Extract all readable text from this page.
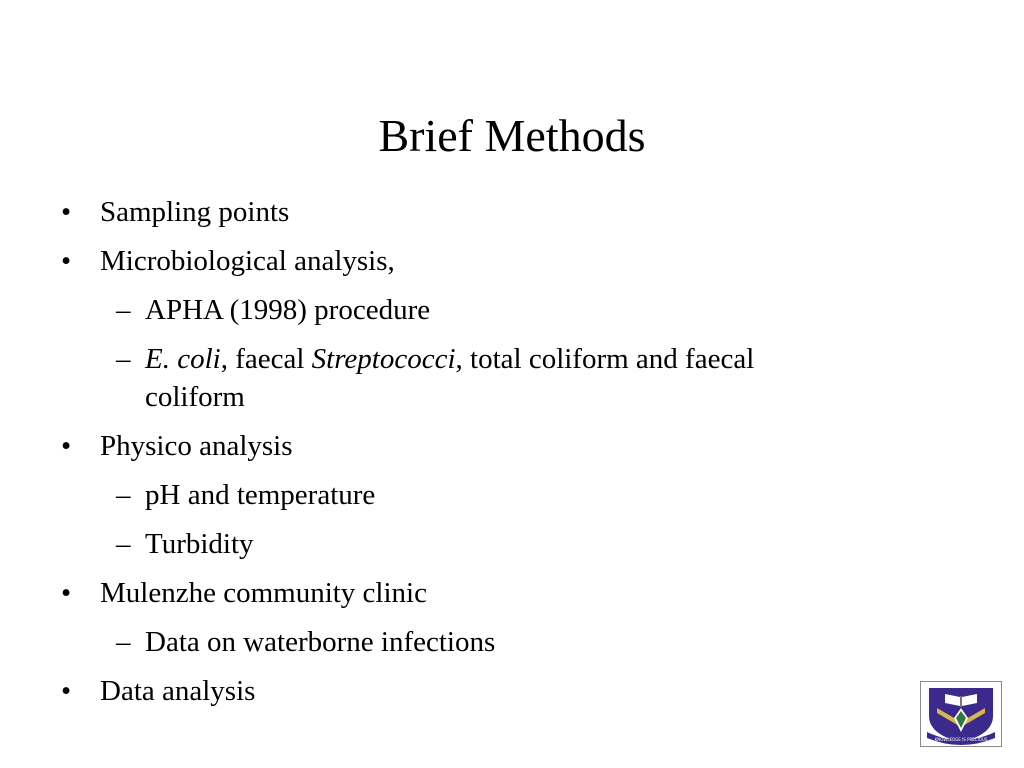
Brief Methods
• Sampling points
• Microbiological analysis,
– APHA (1998) procedure
– E. coli, faecal Streptococci, total coliform and faecal
coliform
• Physico analysis
– pH and temperature
– Turbidity
• Mulenzhe community clinic
– Data on waterborne infections
• Data analysis
KNOWLEDGE IS PRECIOUS
